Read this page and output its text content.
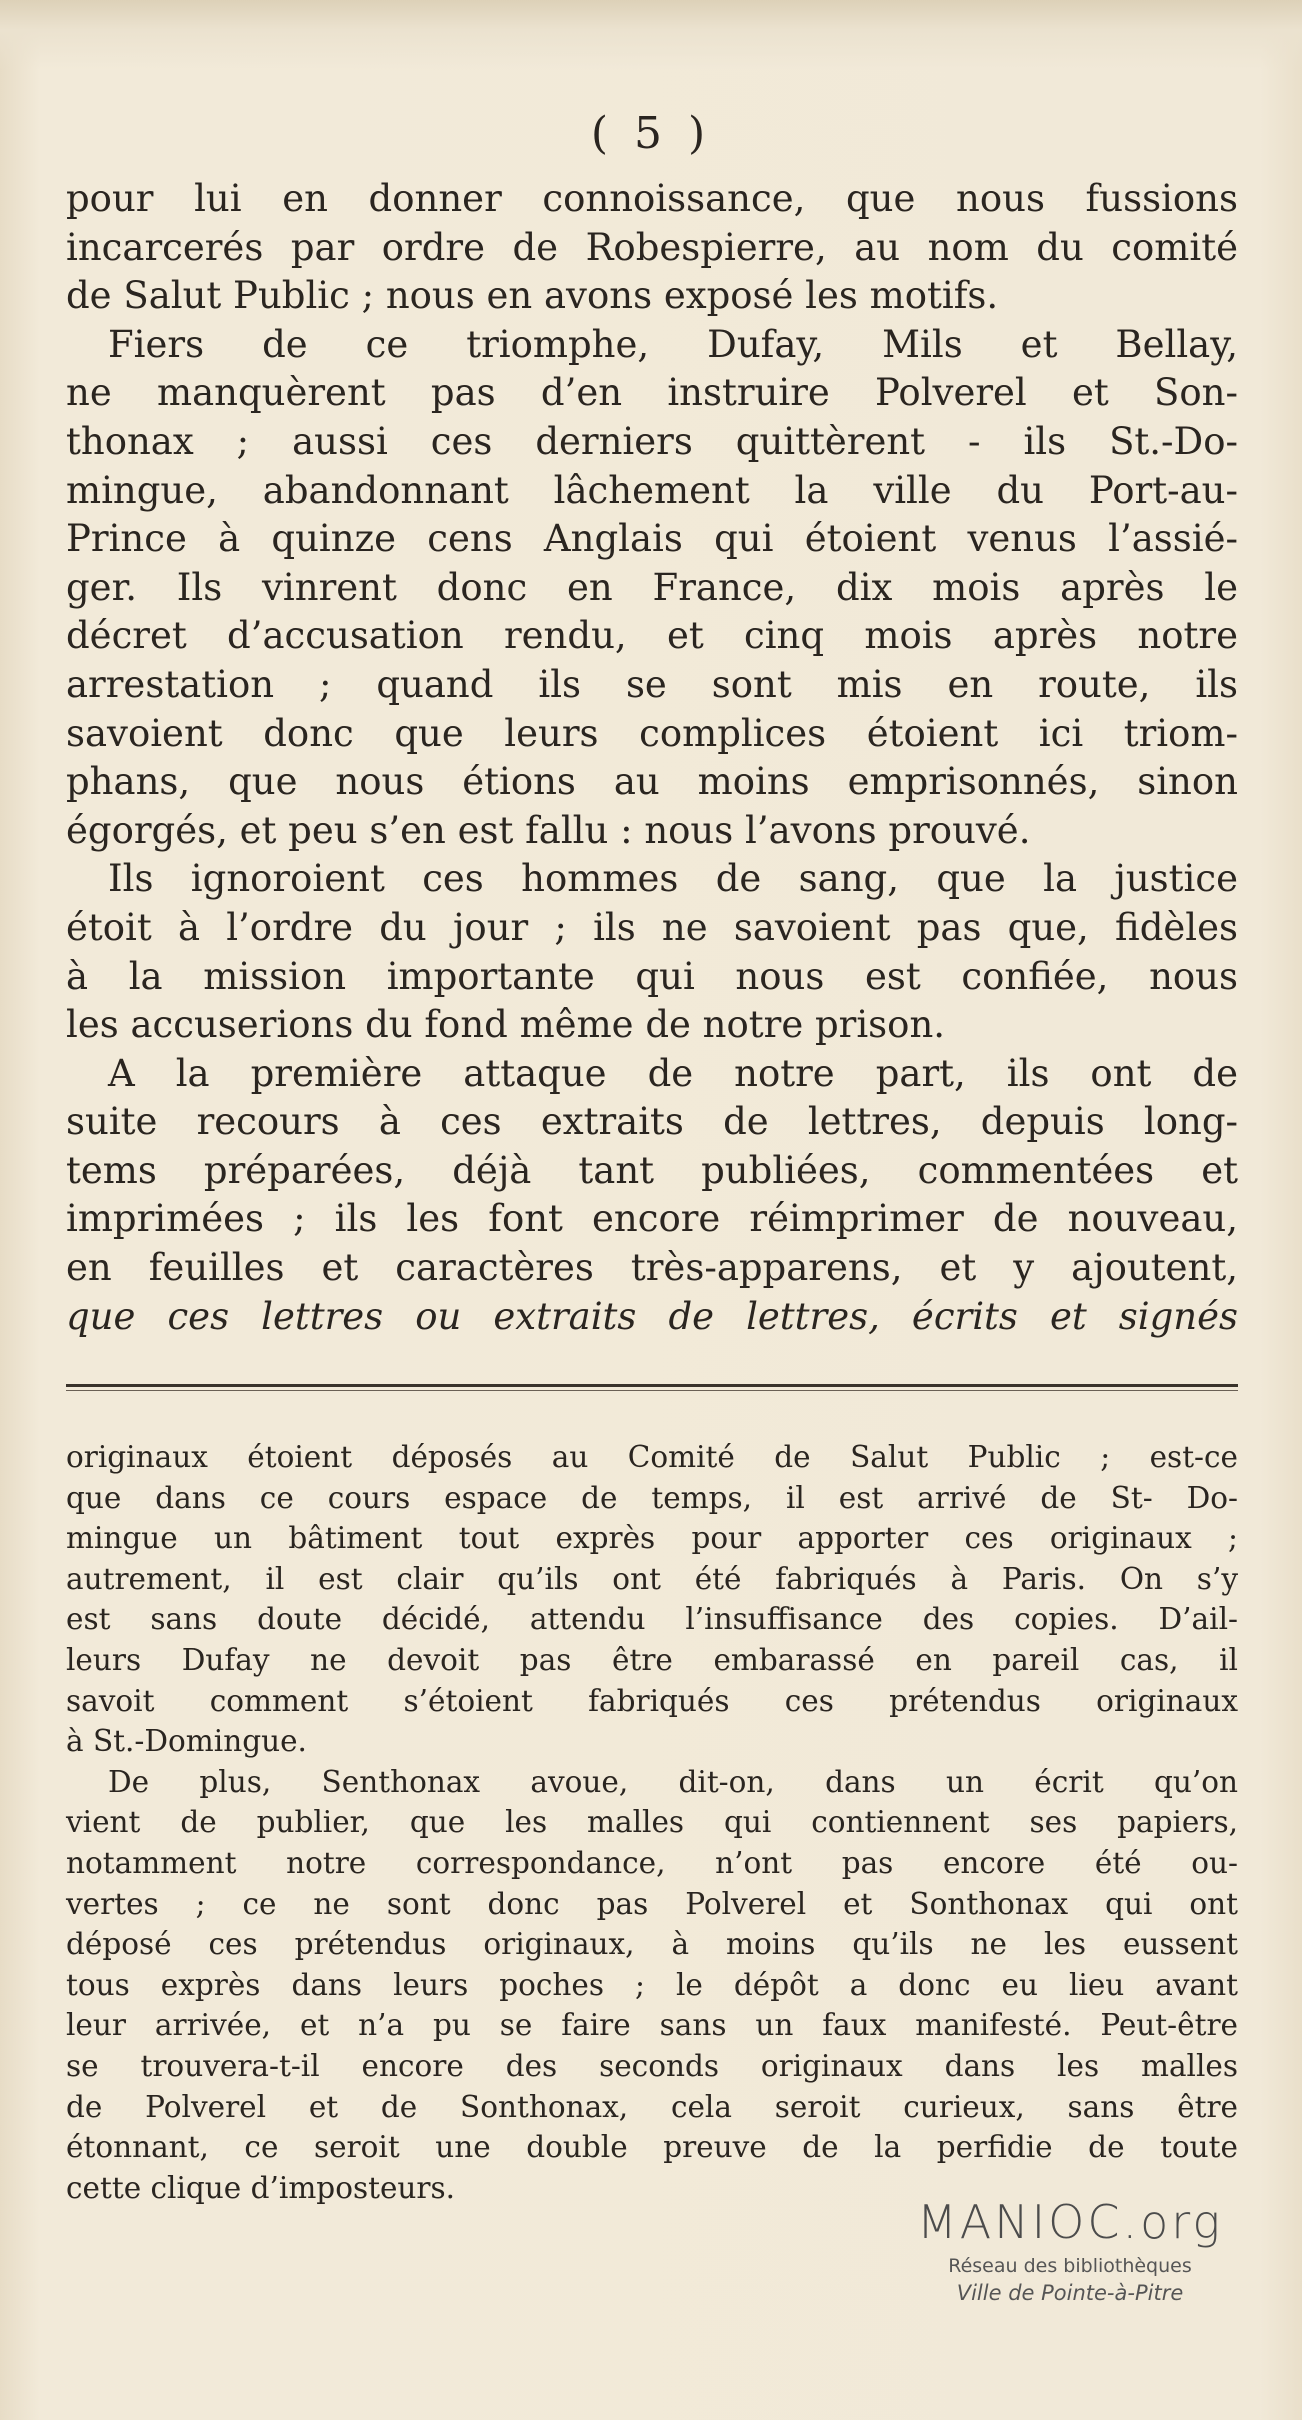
( 5 )
pour lui en donner connoissance, que nous fussions
incarcerés par ordre de Robespierre, au nom du comité
de Salut Public ; nous en avons exposé les motifs.
Fiers de ce triomphe, Dufay, Mils et Bellay,
ne manquèrent pas d’en instruire Polverel et Son-
thonax ; aussi ces derniers quittèrent - ils St.-Do-
mingue, abandonnant lâchement la ville du Port-au-
Prince à quinze cens Anglais qui étoient venus l’assié-
ger. Ils vinrent donc en France, dix mois après le
décret d’accusation rendu, et cinq mois après notre
arrestation ; quand ils se sont mis en route, ils
savoient donc que leurs complices étoient ici triom-
phans, que nous étions au moins emprisonnés, sinon
égorgés, et peu s’en est fallu : nous l’avons prouvé.
Ils ignoroient ces hommes de sang, que la justice
étoit à l’ordre du jour ; ils ne savoient pas que, fidèles
à la mission importante qui nous est confiée, nous
les accuserions du fond même de notre prison.
A la première attaque de notre part, ils ont de
suite recours à ces extraits de lettres, depuis long-
tems préparées, déjà tant publiées, commentées et
imprimées ; ils les font encore réimprimer de nouveau,
en feuilles et caractères très-apparens, et y ajoutent,
que ces lettres ou extraits de lettres, écrits et signés
originaux étoient déposés au Comité de Salut Public ; est-ce
que dans ce cours espace de temps, il est arrivé de St- Do-
mingue un bâtiment tout exprès pour apporter ces originaux ;
autrement, il est clair qu’ils ont été fabriqués à Paris. On s’y
est sans doute décidé, attendu l’insuffisance des copies. D’ail-
leurs Dufay ne devoit pas être embarassé en pareil cas, il
savoit comment s’étoient fabriqués ces prétendus originaux
à St.-Domingue.
De plus, Senthonax avoue, dit-on, dans un écrit qu’on
vient de publier, que les malles qui contiennent ses papiers,
notamment notre correspondance, n’ont pas encore été ou-
vertes ; ce ne sont donc pas Polverel et Sonthonax qui ont
déposé ces prétendus originaux, à moins qu’ils ne les eussent
tous exprès dans leurs poches ; le dépôt a donc eu lieu avant
leur arrivée, et n’a pu se faire sans un faux manifesté. Peut-être
se trouvera-t-il encore des seconds originaux dans les malles
de Polverel et de Sonthonax, cela seroit curieux, sans être
étonnant, ce seroit une double preuve de la perfidie de toute
cette clique d’imposteurs.
MANIOC.org
Réseau des bibliothèques
Ville de Pointe-à-Pitre
